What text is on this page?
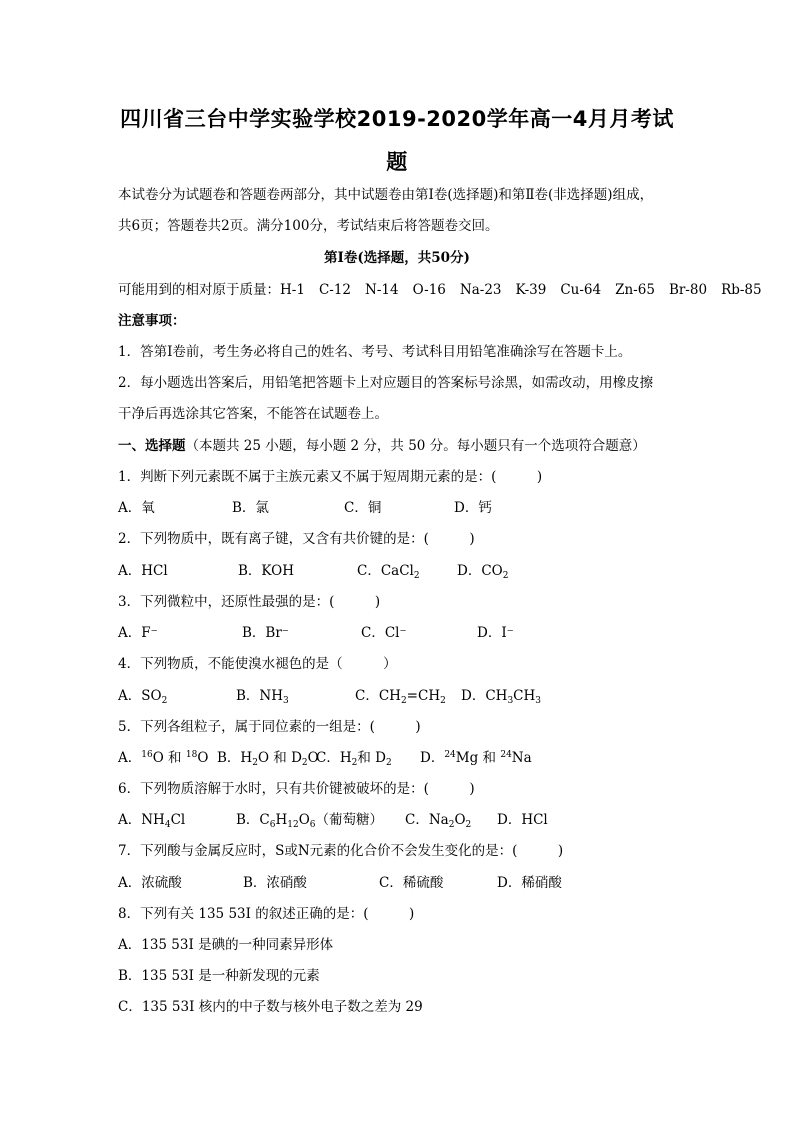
四川省三台中学实验学校2019-2020学年高一4月月考试
题
本试卷分为试题卷和答题卷两部分，其中试题卷由第Ⅰ卷(选择题)和第Ⅱ卷(非选择题)组成，
共6页；答题卷共2页。满分100分，考试结束后将答题卷交回。
第Ⅰ卷(选择题，共50分)
可能用到的相对原于质量：H-1 C-12 N-14 O-16 Na-23 K-39 Cu-64 Zn-65 Br-80 Rb-85
注意事项：
1．答第Ⅰ卷前，考生务必将自己的姓名、考号、考试科目用铅笔准确涂写在答题卡上。
2．每小题选出答案后，用铅笔把答题卡上对应题目的答案标号涂黑，如需改动，用橡皮擦
干净后再选涂其它答案，不能答在试题卷上。
一、选择题（本题共 25 小题，每小题 2 分，共 50 分。每小题只有一个选项符合题意）
1．判断下列元素既不属于主族元素又不属于短周期元素的是：(　　　)
A．氧	B．氯	C．铜	D．钙
2．下列物质中，既有离子键，又含有共价键的是：(　　　)
A．HCl	B．KOH	C．CaCl$_2$	D．$CO_2$
3．下列微粒中，还原性最强的是：(　　　)
A．F⁻	B．Br⁻	C．Cl⁻	D．I⁻
4．下列物质，不能使溴水褪色的是（　　　）
A．$SO_2$	B．$NH_3$	C．$CH_2=CH_2$ D．$CH_3CH_3$
5．下列各组粒子，属于同位素的一组是：(　　　)
A．$^{16}$O 和 $^{18}$O B．$H_2O$ 和 $D_2O$
C．$H_2$和 $D_2$ D．$^{24}$Mg 和 $^{24}$Na
6．下列物质溶解于水时，只有共价键被破坏的是：(　　　)
A．$NH_4Cl$	B．$C_6H_{12}O_6$（葡萄糖） C．$Na_2O_2$ D．HCl
7．下列酸与金属反应时，S或N元素的化合价不会发生变化的是：(　　　)
A．浓硫酸	B．浓硝酸	C．稀硫酸	D．稀硝酸
8．下列有关 135 53I 的叙述正确的是：(　　　)
A．135 53I 是碘的一种同素异形体
B．135 53I 是一种新发现的元素
C．135 53I 核内的中子数与核外电子数之差为 29
